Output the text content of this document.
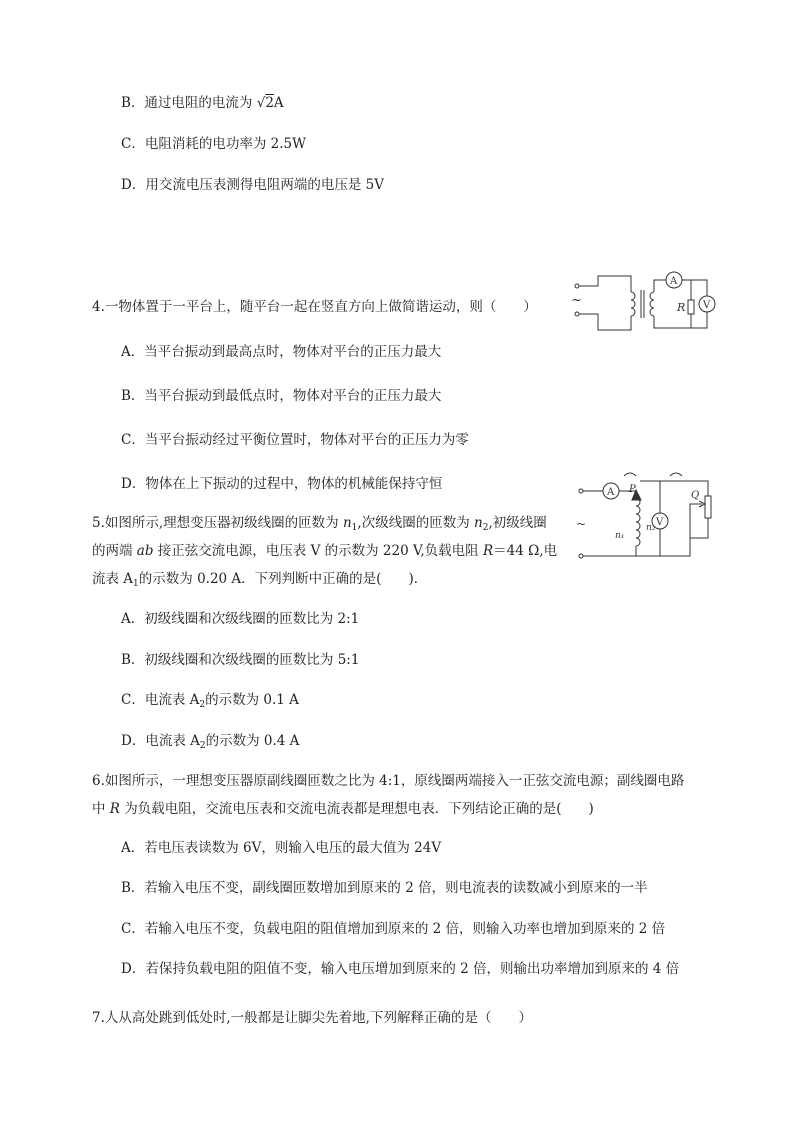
B．通过电阻的电流为 √2A
C．电阻消耗的电功率为 2.5W
D．用交流电压表测得电阻两端的电压是 5V
4.一物体置于一平台上，随平台一起在竖直方向上做简谐运动，则（　　）
A．当平台振动到最高点时，物体对平台的正压力最大
B．当平台振动到最低点时，物体对平台的正压力最大
C．当平台振动经过平衡位置时，物体对平台的正压力为零
D．物体在上下振动的过程中，物体的机械能保持守恒
5.如图所示,理想变压器初级线圈的匝数为 $n_1$,次级线圈的匝数为 $n_2$,初级线圈
的两端 ab 接正弦交流电源，电压表 V 的示数为 220 V,负载电阻 R＝44 Ω,电
流表 $A_1$的示数为 0.20 A．下列判断中正确的是(　　)．
A．初级线圈和次级线圈的匝数比为 2:1
B．初级线圈和次级线圈的匝数比为 5:1
C．电流表 $A_2$的示数为 0.1 A
D．电流表 $A_2$的示数为 0.4 A
6.如图所示，一理想变压器原副线圈匝数之比为 4:1，原线圈两端接入一正弦交流电源；副线圈电路
中 R 为负载电阻，交流电压表和交流电流表都是理想电表．下列结论正确的是(　　)
A．若电压表读数为 6V，则输入电压的最大值为 24V
B．若输入电压不变，副线圈匝数增加到原来的 2 倍，则电流表的读数减小到原来的一半
C．若输入电压不变，负载电阻的阻值增加到原来的 2 倍，则输入功率也增加到原来的 2 倍
D．若保持负载电阻的阻值不变，输入电压增加到原来的 2 倍，则输出功率增加到原来的 4 倍
7.人从高处跳到低处时,一般都是让脚尖先着地,下列解释正确的是（　　）
~
A
R V
~
A P
n₁
n₂ V
Q
